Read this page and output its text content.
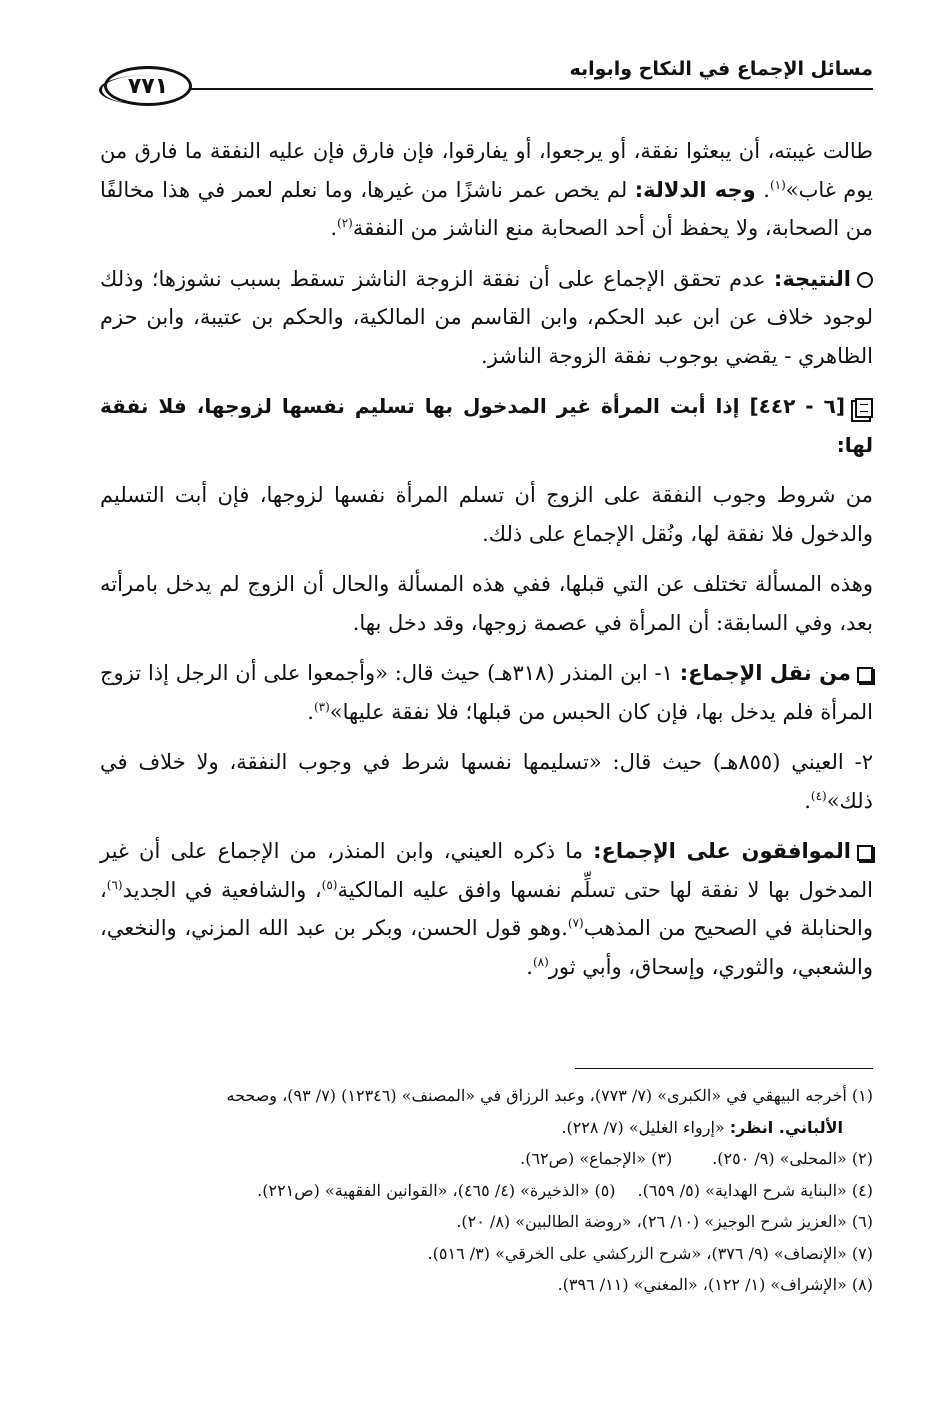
مسائل الإجماع في النكاح وابوابه
٧٧١

طالت غيبته، أن يبعثوا نفقة، أو يرجعوا، أو يفارقوا، فإن فارق فإن عليه النفقة ما فارق من يوم غاب»$^{(١)}$. وجه الدلالة: لم يخص عمر ناشزًا من غيرها، وما نعلم لعمر في هذا مخالفًا من الصحابة، ولا يحفظ أن أحد الصحابة منع الناشز من النفقة$^{(٢)}$.

النتيجة: عدم تحقق الإجماع على أن نفقة الزوجة الناشز تسقط بسبب نشوزها؛ وذلك لوجود خلاف عن ابن عبد الحكم، وابن القاسم من المالكية، والحكم بن عتيبة، وابن حزم الظاهري - يقضي بوجوب نفقة الزوجة الناشز.

[٦ - ٤٤٢] إذا أبت المرأة غير المدخول بها تسليم نفسها لزوجها، فلا نفقة لها:

من شروط وجوب النفقة على الزوج أن تسلم المرأة نفسها لزوجها، فإن أبت التسليم والدخول فلا نفقة لها، ونُقل الإجماع على ذلك.

وهذه المسألة تختلف عن التي قبلها، ففي هذه المسألة والحال أن الزوج لم يدخل بامرأته بعد، وفي السابقة: أن المرأة في عصمة زوجها، وقد دخل بها.

من نقل الإجماع: ١- ابن المنذر (٣١٨هـ) حيث قال: «وأجمعوا على أن الرجل إذا تزوج المرأة فلم يدخل بها، فإن كان الحبس من قبلها؛ فلا نفقة عليها»$^{(٣)}$.

٢- العيني (٨٥٥هـ) حيث قال: «تسليمها نفسها شرط في وجوب النفقة، ولا خلاف في ذلك»$^{(٤)}$.

الموافقون على الإجماع: ما ذكره العيني، وابن المنذر، من الإجماع على أن غير المدخول بها لا نفقة لها حتى تسلِّم نفسها وافق عليه المالكية$^{(٥)}$، والشافعية في الجديد$^{(٦)}$، والحنابلة في الصحيح من المذهب$^{(٧)}$.وهو قول الحسن، وبكر بن عبد الله المزني، والنخعي، والشعبي، والثوري، وإسحاق، وأبي ثور$^{(٨)}$.

(١) أخرجه البيهقي في «الكبرى» (٧/ ٧٧٣)، وعبد الرزاق في «المصنف» (١٢٣٤٦) (٧/ ٩٣)، وصححه

الألباني. انظر: «إرواء الغليل» (٧/ ٢٢٨).

(٢) «المحلى» (٩/ ٢٥٠).(٣) «الإجماع» (ص٦٢).

(٤) «البناية شرح الهداية» (٥/ ٦٥٩).(٥) «الذخيرة» (٤/ ٤٦٥)، «القوانين الفقهية» (ص٢٢١).

(٦) «العزيز شرح الوجيز» (١٠/ ٢٦)، «روضة الطالبين» (٨/ ٢٠).

(٧) «الإنصاف» (٩/ ٣٧٦)، «شرح الزركشي على الخرقي» (٣/ ٥١٦).

(٨) «الإشراف» (١/ ١٢٢)، «المغني» (١١/ ٣٩٦).
